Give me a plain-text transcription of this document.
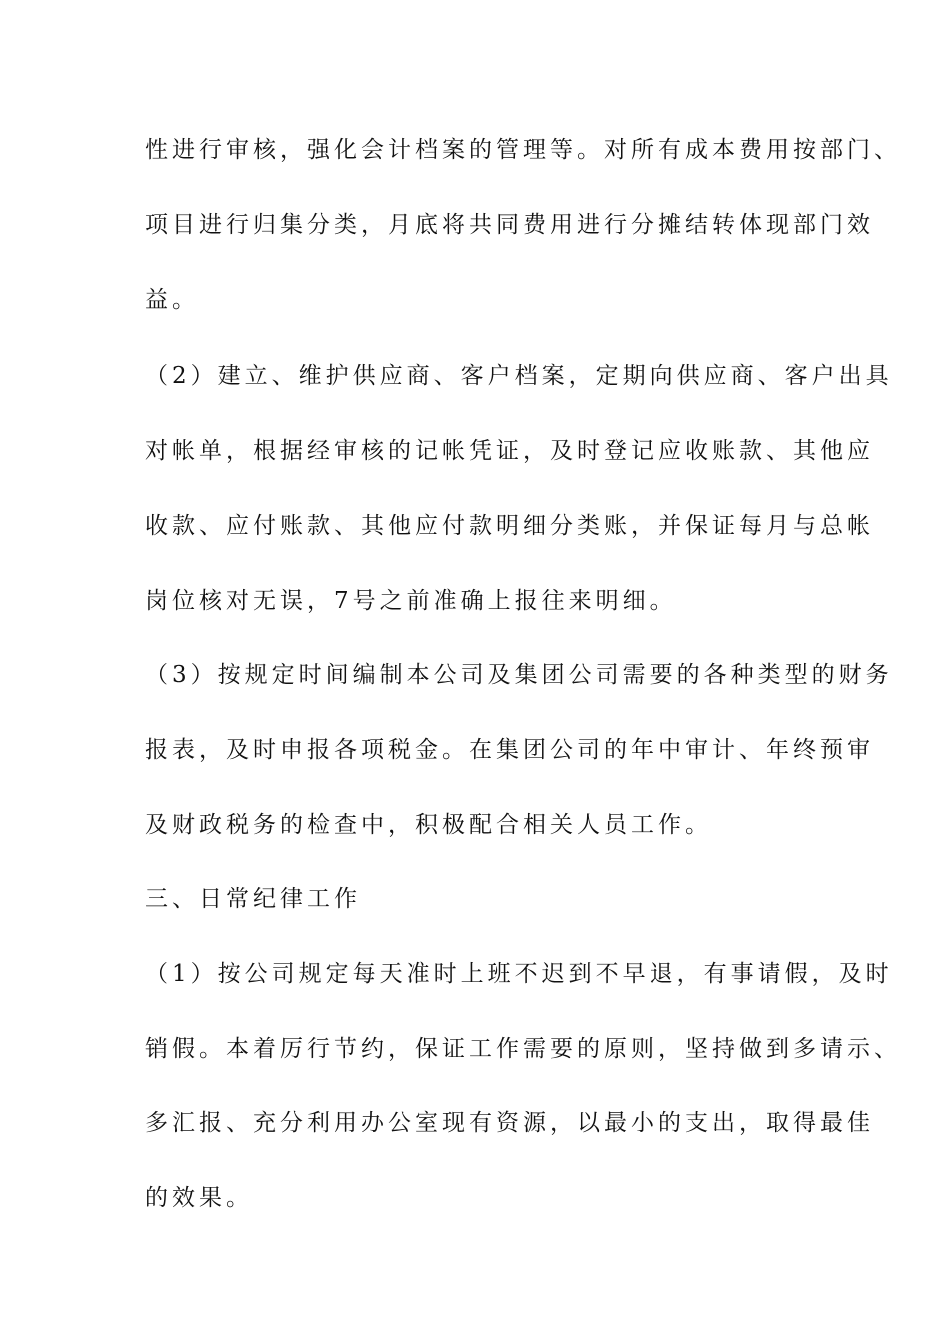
性进行审核，强化会计档案的管理等。对所有成本费用按部门、
项目进行归集分类，月底将共同费用进行分摊结转体现部门效
益。
（2）建立、维护供应商、客户档案，定期向供应商、客户出具
对帐单，根据经审核的记帐凭证，及时登记应收账款、其他应
收款、应付账款、其他应付款明细分类账，并保证每月与总帐
岗位核对无误，7号之前准确上报往来明细。
（3）按规定时间编制本公司及集团公司需要的各种类型的财务
报表，及时申报各项税金。在集团公司的年中审计、年终预审
及财政税务的检查中，积极配合相关人员工作。
三、日常纪律工作
（1）按公司规定每天准时上班不迟到不早退，有事请假，及时
销假。本着厉行节约，保证工作需要的原则，坚持做到多请示、
多汇报、充分利用办公室现有资源，以最小的支出，取得最佳
的效果。
